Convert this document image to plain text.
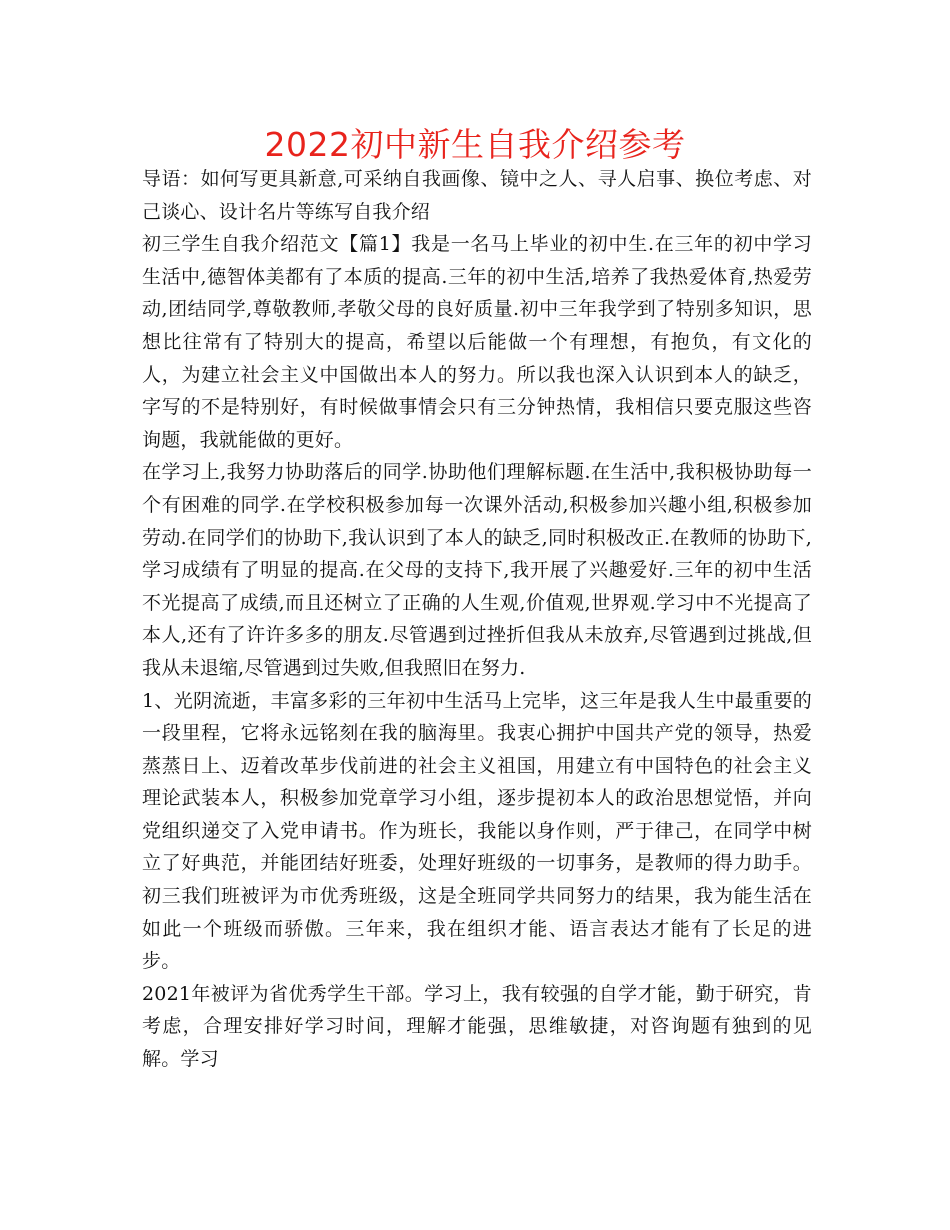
2022初中新生自我介绍参考

导语：如何写更具新意,可采纳自我画像、镜中之人、寻人启事、换位考虑、对己谈心、设计名片等练写自我介绍

初三学生自我介绍范文【篇1】我是一名马上毕业的初中生.在三年的初中学习生活中,德智体美都有了本质的提高.三年的初中生活,培养了我热爱体育,热爱劳动,团结同学,尊敬教师,孝敬父母的良好质量.初中三年我学到了特别多知识，思想比往常有了特别大的提高，希望以后能做一个有理想，有抱负，有文化的人，为建立社会主义中国做出本人的努力。所以我也深入认识到本人的缺乏，字写的不是特别好，有时候做事情会只有三分钟热情，我相信只要克服这些咨询题，我就能做的更好。

在学习上,我努力协助落后的同学.协助他们理解标题.在生活中,我积极协助每一个有困难的同学.在学校积极参加每一次课外活动,积极参加兴趣小组,积极参加劳动.在同学们的协助下,我认识到了本人的缺乏,同时积极改正.在教师的协助下,学习成绩有了明显的提高.在父母的支持下,我开展了兴趣爱好.三年的初中生活不光提高了成绩,而且还树立了正确的人生观,价值观,世界观.学习中不光提高了本人,还有了许许多多的朋友.尽管遇到过挫折但我从未放弃,尽管遇到过挑战,但我从未退缩,尽管遇到过失败,但我照旧在努力.

1、光阴流逝，丰富多彩的三年初中生活马上完毕，这三年是我人生中最重要的一段里程，它将永远铭刻在我的脑海里。我衷心拥护中国共产党的领导，热爱蒸蒸日上、迈着改革步伐前进的社会主义祖国，用建立有中国特色的社会主义理论武装本人，积极参加党章学习小组，逐步提初本人的政治思想觉悟，并向党组织递交了入党申请书。作为班长，我能以身作则，严于律己，在同学中树立了好典范，并能团结好班委，处理好班级的一切事务，是教师的得力助手。初三我们班被评为市优秀班级，这是全班同学共同努力的结果，我为能生活在如此一个班级而骄傲。三年来，我在组织才能、语言表达才能有了长足的进步。

2021年被评为省优秀学生干部。学习上，我有较强的自学才能，勤于研究，肯考虑，合理安排好学习时间，理解才能强，思维敏捷，对咨询题有独到的见解。学习
